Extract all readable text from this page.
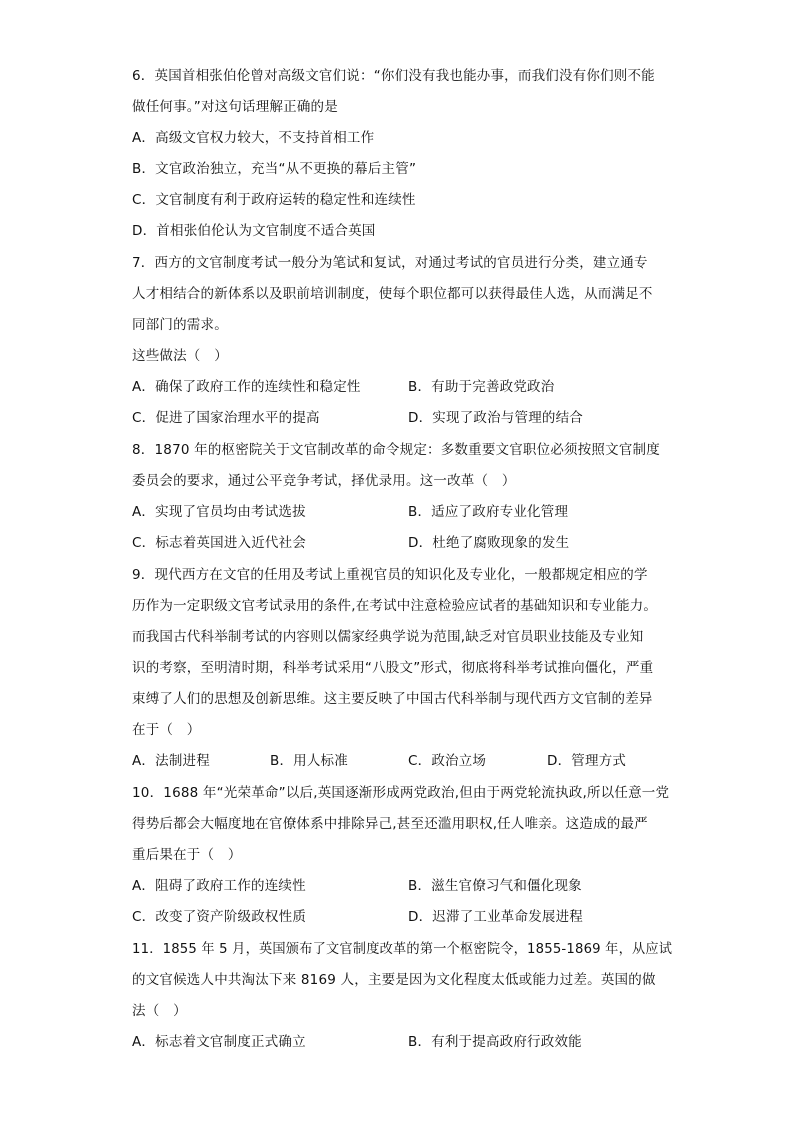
6．英国首相张伯伦曾对高级文官们说：“你们没有我也能办事，而我们没有你们则不能
做任何事。”对这句话理解正确的是
A．高级文官权力较大，不支持首相工作
B．文官政治独立，充当“从不更换的幕后主管”
C．文官制度有利于政府运转的稳定性和连续性
D．首相张伯伦认为文官制度不适合英国
7．西方的文官制度考试一般分为笔试和复试，对通过考试的官员进行分类，建立通专
人才相结合的新体系以及职前培训制度，使每个职位都可以获得最佳人选，从而满足不
同部门的需求。
这些做法（　）
A．确保了政府工作的连续性和稳定性	B．有助于完善政党政治
C．促进了国家治理水平的提高	D．实现了政治与管理的结合
8．1870 年的枢密院关于文官制改革的命令规定：多数重要文官职位必须按照文官制度
委员会的要求，通过公平竞争考试，择优录用。这一改革（　）
A．实现了官员均由考试选拔	B．适应了政府专业化管理
C．标志着英国进入近代社会	D．杜绝了腐败现象的发生
9．现代西方在文官的任用及考试上重视官员的知识化及专业化，一般都规定相应的学
历作为一定职级文官考试录用的条件,在考试中注意检验应试者的基础知识和专业能力。
而我国古代科举制考试的内容则以儒家经典学说为范围,缺乏对官员职业技能及专业知
识的考察，至明清时期，科举考试采用“八股文”形式，彻底将科举考试推向僵化，严重
束缚了人们的思想及创新思维。这主要反映了中国古代科举制与现代西方文官制的差异
在于（　）
A．法制进程	B．用人标准	C．政治立场	D．管理方式
10．1688 年“光荣革命”以后,英国逐渐形成两党政治,但由于两党轮流执政,所以任意一党
得势后都会大幅度地在官僚体系中排除异己,甚至还滥用职权,任人唯亲。这造成的最严
重后果在于（　）
A．阻碍了政府工作的连续性	B．滋生官僚习气和僵化现象
C．改变了资产阶级政权性质	D．迟滞了工业革命发展进程
11．1855 年 5 月，英国颁布了文官制度改革的第一个枢密院令，1855-1869 年，从应试
的文官候选人中共淘汰下来 8169 人，主要是因为文化程度太低或能力过差。英国的做
法（　）
A．标志着文官制度正式确立	B．有利于提高政府行政效能
